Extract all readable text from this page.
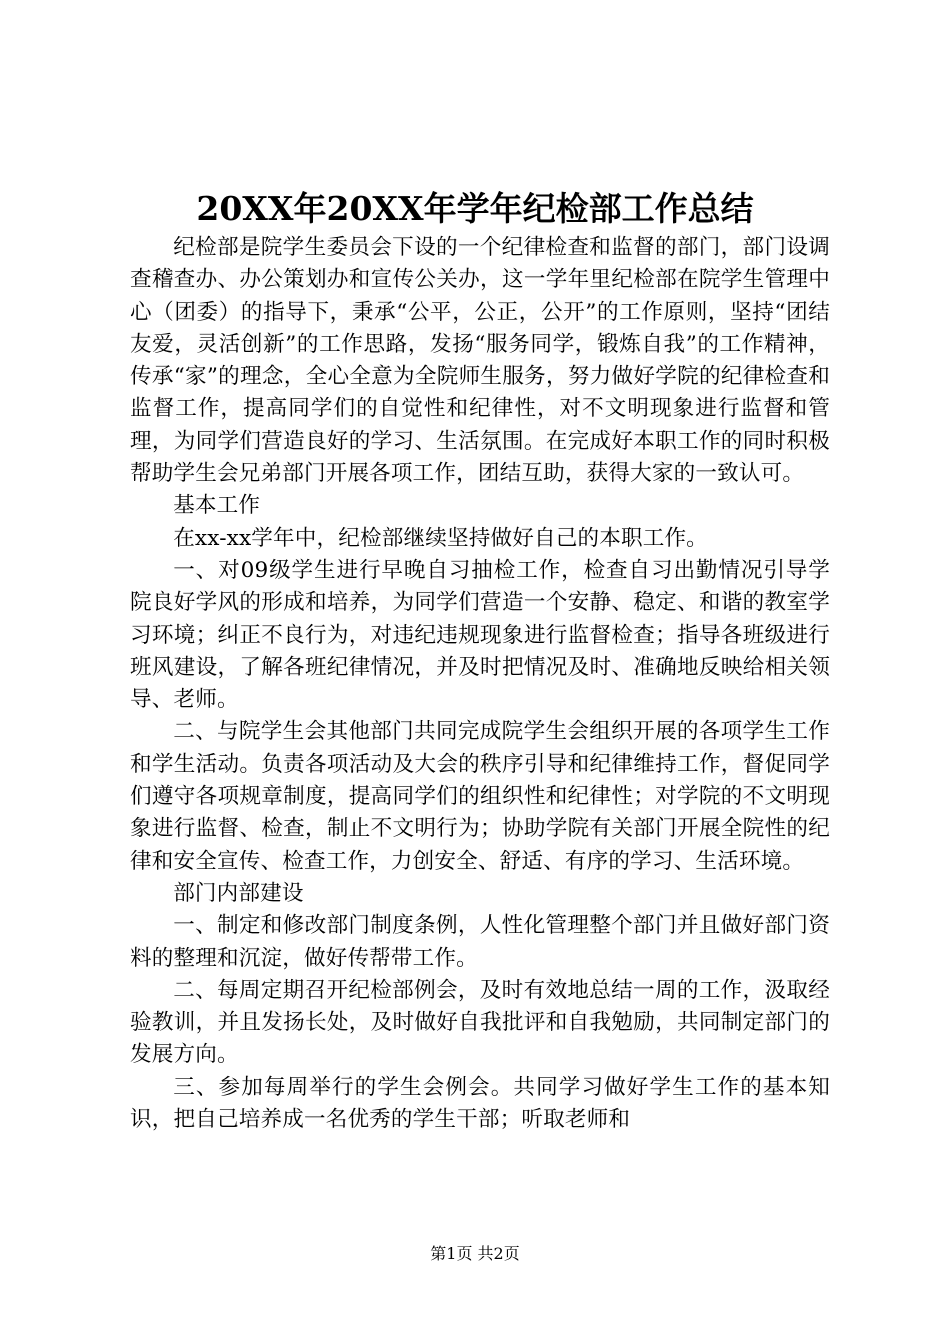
20XX年20XX年学年纪检部工作总结

纪检部是院学生委员会下设的一个纪律检查和监督的部门，部门设调查稽查办、办公策划办和宣传公关办，这一学年里纪检部在院学生管理中心（团委）的指导下，秉承“公平，公正，公开”的工作原则，坚持“团结友爱，灵活创新”的工作思路，发扬“服务同学，锻炼自我”的工作精神，传承“家”的理念，全心全意为全院师生服务，努力做好学院的纪律检查和监督工作，提高同学们的自觉性和纪律性，对不文明现象进行监督和管理，为同学们营造良好的学习、生活氛围。在完成好本职工作的同时积极帮助学生会兄弟部门开展各项工作，团结互助，获得大家的一致认可。

基本工作

在xx-xx学年中，纪检部继续坚持做好自己的本职工作。

一、对09级学生进行早晚自习抽检工作，检查自习出勤情况引导学院良好学风的形成和培养，为同学们营造一个安静、稳定、和谐的教室学习环境；纠正不良行为，对违纪违规现象进行监督检查；指导各班级进行班风建设，了解各班纪律情况，并及时把情况及时、准确地反映给相关领导、老师。

二、与院学生会其他部门共同完成院学生会组织开展的各项学生工作和学生活动。负责各项活动及大会的秩序引导和纪律维持工作，督促同学们遵守各项规章制度，提高同学们的组织性和纪律性；对学院的不文明现象进行监督、检查，制止不文明行为；协助学院有关部门开展全院性的纪律和安全宣传、检查工作，力创安全、舒适、有序的学习、生活环境。

部门内部建设

一、制定和修改部门制度条例，人性化管理整个部门并且做好部门资料的整理和沉淀，做好传帮带工作。

二、每周定期召开纪检部例会，及时有效地总结一周的工作，汲取经验教训，并且发扬长处，及时做好自我批评和自我勉励，共同制定部门的发展方向。

三、参加每周举行的学生会例会。共同学习做好学生工作的基本知识，把自己培养成一名优秀的学生干部；听取老师和

第1页 共2页
